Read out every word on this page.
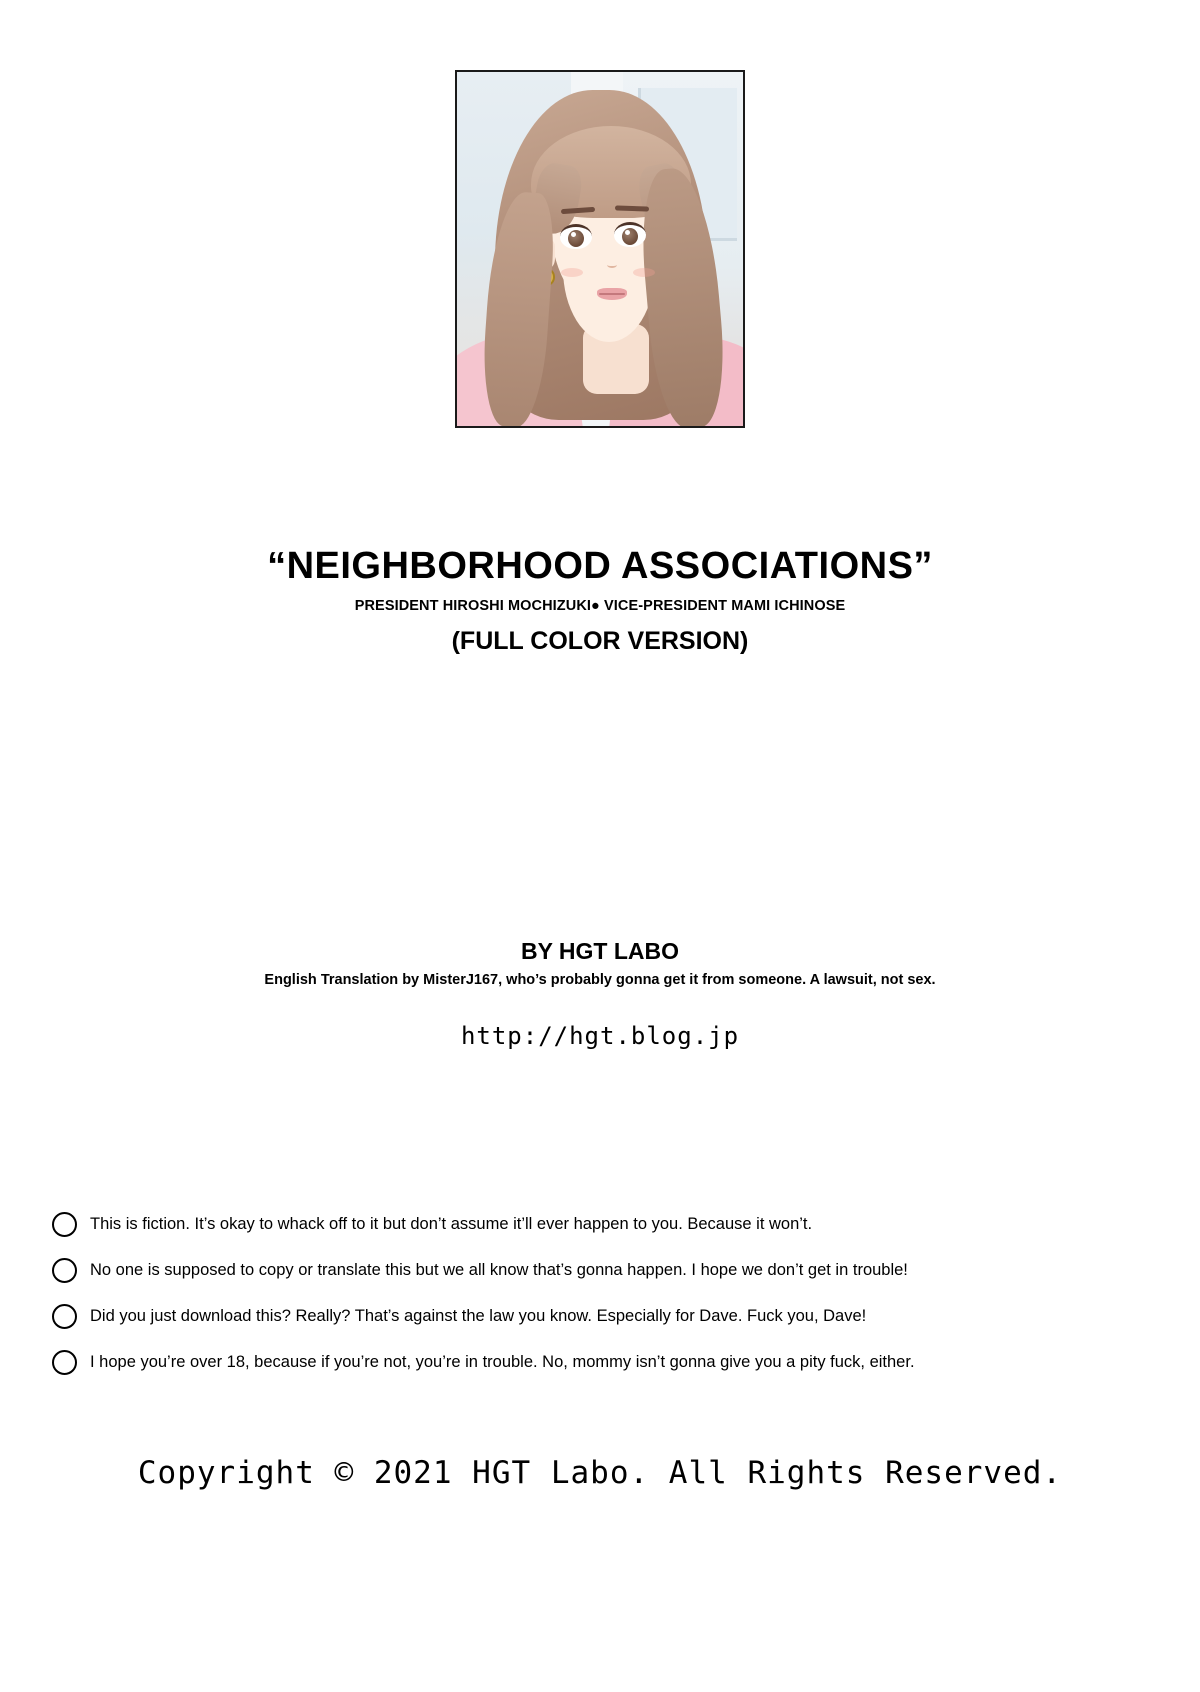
“NEIGHBORHOOD ASSOCIATIONS”

PRESIDENT HIROSHI MOCHIZUKI● VICE-PRESIDENT MAMI ICHINOSE

(FULL COLOR VERSION)

BY HGT LABO

English Translation by MisterJ167, who’s probably gonna get it from someone. A lawsuit, not sex.

http://hgt.blog.jp

This is fiction. It’s okay to whack off to it but don’t assume it’ll ever happen to you. Because it won’t.
No one is supposed to copy or translate this but we all know that’s gonna happen. I hope we don’t get in trouble!
Did you just download this? Really? That’s against the law you know. Especially for Dave. Fuck you, Dave!
I hope you’re over 18, because if you’re not, you’re in trouble. No, mommy isn’t gonna give you a pity fuck, either.
Copyright © 2021 HGT Labo. All Rights Reserved.
